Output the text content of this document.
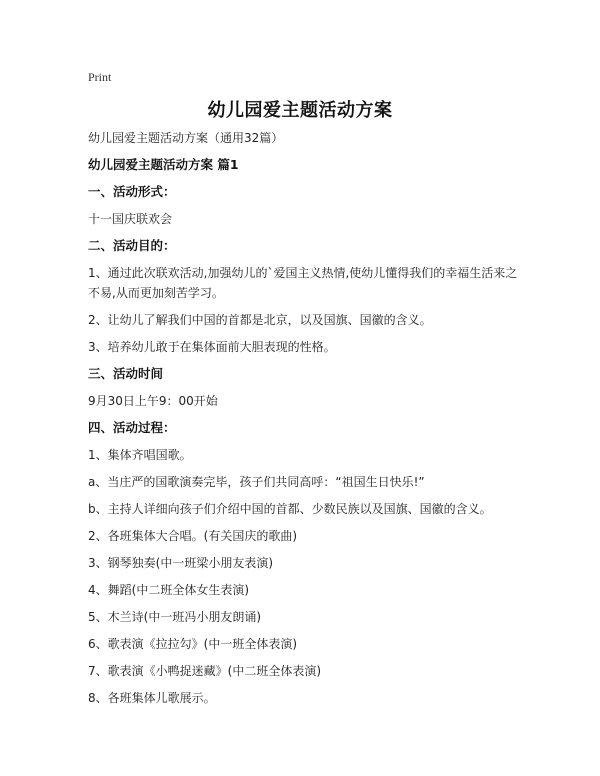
Print
幼儿园爱主题活动方案
幼儿园爱主题活动方案（通用32篇）
幼儿园爱主题活动方案 篇1
一、活动形式：
十一国庆联欢会
二、活动目的：
1、通过此次联欢活动,加强幼儿的`爱国主义热情,使幼儿懂得我们的幸福生活来之不易,从而更加刻苦学习。
2、让幼儿了解我们中国的首都是北京，以及国旗、国徽的含义。
3、培养幼儿敢于在集体面前大胆表现的性格。
三、活动时间
9月30日上午9：00开始
四、活动过程：
1、集体齐唱国歌。
a、当庄严的国歌演奏完毕，孩子们共同高呼：“祖国生日快乐!”
b、主持人详细向孩子们介绍中国的首都、少数民族以及国旗、国徽的含义。
2、各班集体大合唱。(有关国庆的歌曲)
3、钢琴独奏(中一班梁小朋友表演)
4、舞蹈(中二班全体女生表演)
5、木兰诗(中一班冯小朋友朗诵)
6、歌表演《拉拉勾》(中一班全体表演)
7、歌表演《小鸭捉迷藏》(中二班全体表演)
8、各班集体儿歌展示。
